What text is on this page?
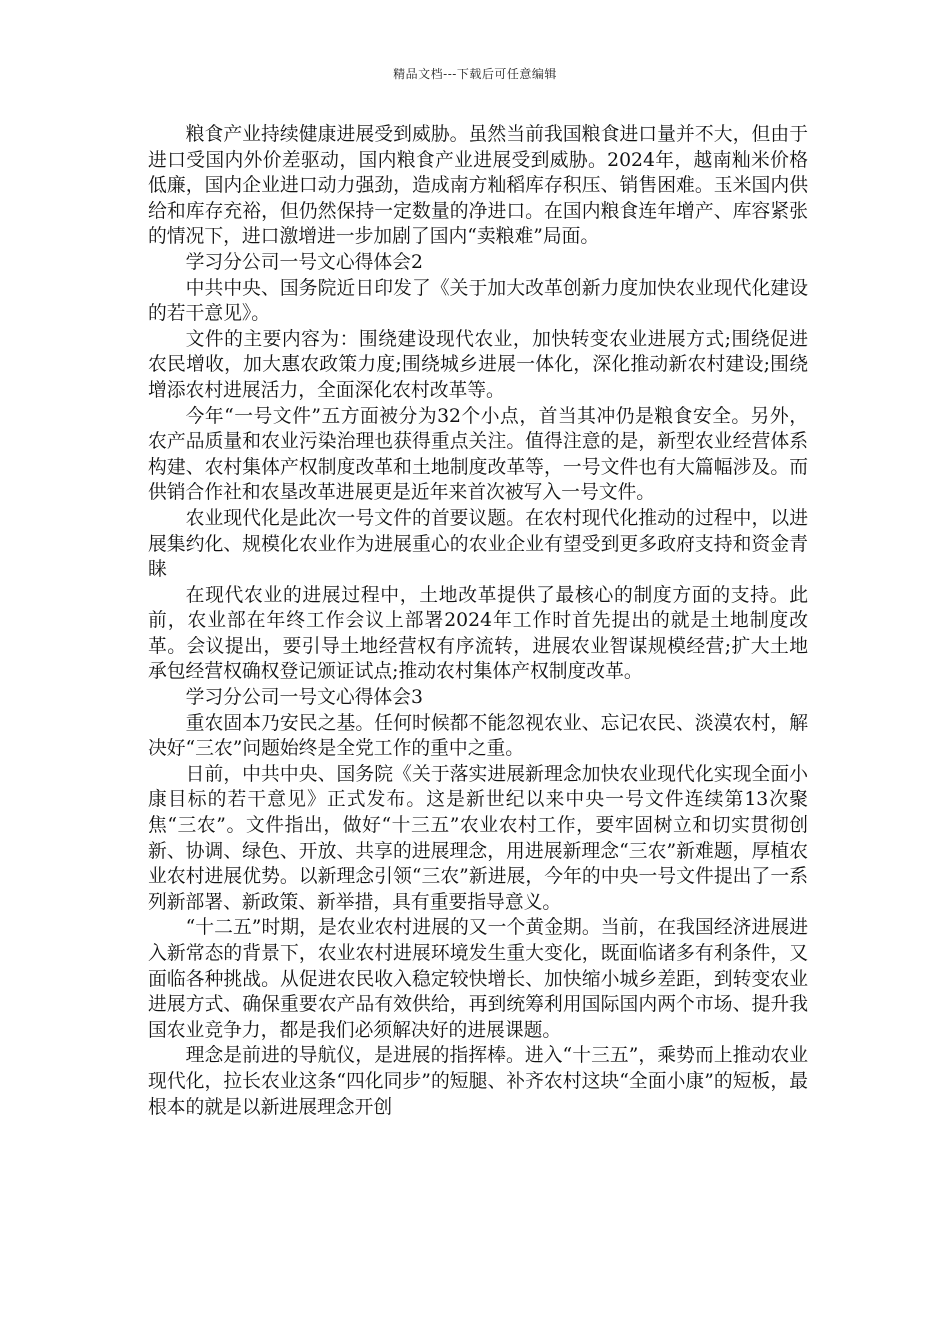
精品文档---下载后可任意编辑

粮食产业持续健康进展受到威胁。虽然当前我国粮食进口量并不大，但由于进口受国内外价差驱动，国内粮食产业进展受到威胁。2024年，越南籼米价格低廉，国内企业进口动力强劲，造成南方籼稻库存积压、销售困难。玉米国内供给和库存充裕，但仍然保持一定数量的净进口。在国内粮食连年增产、库容紧张的情况下，进口激增进一步加剧了国内“卖粮难”局面。

学习分公司一号文心得体会2

中共中央、国务院近日印发了《关于加大改革创新力度加快农业现代化建设的若干意见》。

文件的主要内容为：围绕建设现代农业，加快转变农业进展方式;围绕促进农民增收，加大惠农政策力度;围绕城乡进展一体化，深化推动新农村建设;围绕增添农村进展活力，全面深化农村改革等。

今年“一号文件”五方面被分为32个小点，首当其冲仍是粮食安全。另外，农产品质量和农业污染治理也获得重点关注。值得注意的是，新型农业经营体系构建、农村集体产权制度改革和土地制度改革等，一号文件也有大篇幅涉及。而供销合作社和农垦改革进展更是近年来首次被写入一号文件。

农业现代化是此次一号文件的首要议题。在农村现代化推动的过程中，以进展集约化、规模化农业作为进展重心的农业企业有望受到更多政府支持和资金青睐

在现代农业的进展过程中，土地改革提供了最核心的制度方面的支持。此前，农业部在年终工作会议上部署2024年工作时首先提出的就是土地制度改革。会议提出，要引导土地经营权有序流转，进展农业智谋规模经营;扩大土地承包经营权确权登记颁证试点;推动农村集体产权制度改革。

学习分公司一号文心得体会3

重农固本乃安民之基。任何时候都不能忽视农业、忘记农民、淡漠农村，解决好“三农”问题始终是全党工作的重中之重。

日前，中共中央、国务院《关于落实进展新理念加快农业现代化实现全面小康目标的若干意见》正式发布。这是新世纪以来中央一号文件连续第13次聚焦“三农”。文件指出，做好“十三五”农业农村工作，要牢固树立和切实贯彻创新、协调、绿色、开放、共享的进展理念，用进展新理念“三农”新难题，厚植农业农村进展优势。以新理念引领“三农”新进展，今年的中央一号文件提出了一系列新部署、新政策、新举措，具有重要指导意义。

“十二五”时期，是农业农村进展的又一个黄金期。当前，在我国经济进展进入新常态的背景下，农业农村进展环境发生重大变化，既面临诸多有利条件，又面临各种挑战。从促进农民收入稳定较快增长、加快缩小城乡差距，到转变农业进展方式、确保重要农产品有效供给，再到统筹利用国际国内两个市场、提升我国农业竞争力，都是我们必须解决好的进展课题。

理念是前进的导航仪，是进展的指挥棒。进入“十三五”，乘势而上推动农业现代化，拉长农业这条“四化同步”的短腿、补齐农村这块“全面小康”的短板，最根本的就是以新进展理念开创
